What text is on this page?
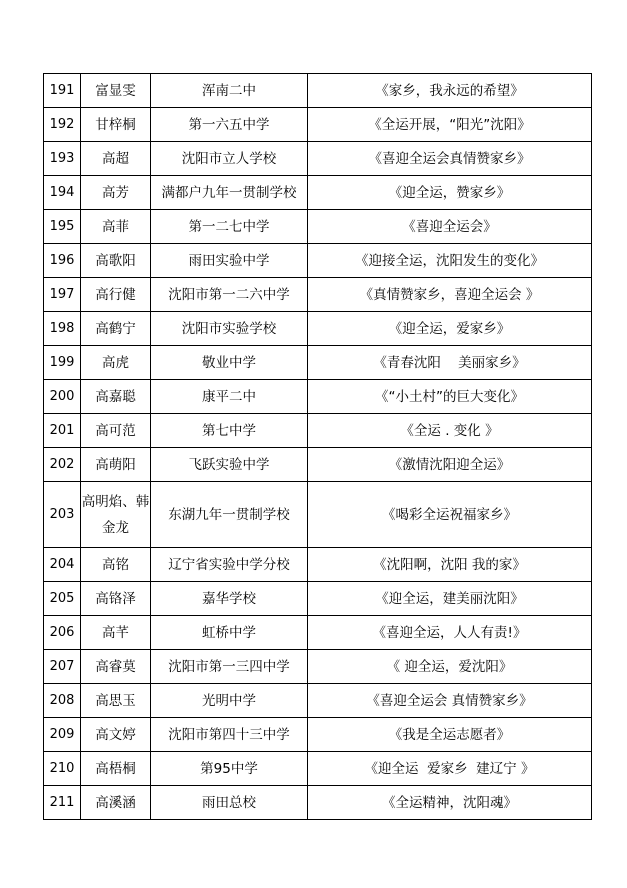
191	富显雯	浑南二中	《家乡，我永远的希望》
192	甘梓桐	第一六五中学	《全运开展，“阳光”沈阳》
193	高超	沈阳市立人学校	《喜迎全运会真情赞家乡》
194	高芳	满都户九年一贯制学校	《迎全运，赞家乡》
195	高菲	第一二七中学	《喜迎全运会》
196	高歌阳	雨田实验中学	《迎接全运，沈阳发生的变化》
197	高行健	沈阳市第一二六中学	《真情赞家乡，喜迎全运会 》
198	高鹤宁	沈阳市实验学校	《迎全运，爱家乡》
199	高虎	敬业中学	《青春沈阳    美丽家乡》
200	高嘉聪	康平二中	《“小土村”的巨大变化》
201	高可范	第七中学	《全运 . 变化 》
202	高萌阳	飞跃实验中学	《激情沈阳迎全运》
203	高明焰、韩金龙	东湖九年一贯制学校	《喝彩全运祝福家乡》
204	高铭	辽宁省实验中学分校	《沈阳啊，沈阳 我的家》
205	高铬泽	嘉华学校	《迎全运，建美丽沈阳》
206	高芊	虹桥中学	《喜迎全运，人人有责!》
207	高睿莫	沈阳市第一三四中学	《 迎全运，爱沈阳》
208	高思玉	光明中学	《喜迎全运会 真情赞家乡》
209	高文婷	沈阳市第四十三中学	《我是全运志愿者》
210	高梧桐	第95中学	《迎全运  爱家乡  建辽宁 》
211	高溪涵	雨田总校	《全运精神，沈阳魂》
